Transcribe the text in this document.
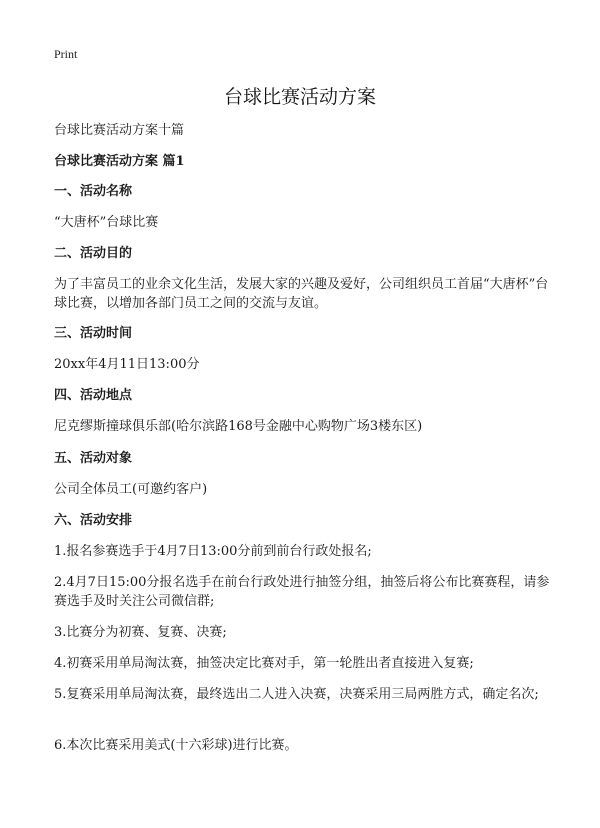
Print
台球比赛活动方案

台球比赛活动方案十篇

台球比赛活动方案 篇1

一、活动名称

“大唐杯”台球比赛

二、活动目的

为了丰富员工的业余文化生活，发展大家的兴趣及爱好，公司组织员工首届“大唐杯”台球比赛，以增加各部门员工之间的交流与友谊。

三、活动时间

20xx年4月11日13:00分

四、活动地点

尼克缪斯撞球俱乐部(哈尔滨路168号金融中心购物广场3楼东区)

五、活动对象

公司全体员工(可邀约客户)

六、活动安排

1.报名参赛选手于4月7日13:00分前到前台行政处报名;

2.4月7日15:00分报名选手在前台行政处进行抽签分组，抽签后将公布比赛赛程，请参赛选手及时关注公司微信群;

3.比赛分为初赛、复赛、决赛;

4.初赛采用单局淘汰赛，抽签决定比赛对手，第一轮胜出者直接进入复赛;

5.复赛采用单局淘汰赛，最终选出二人进入决赛，决赛采用三局两胜方式，确定名次;

6.本次比赛采用美式(十六彩球)进行比赛。
